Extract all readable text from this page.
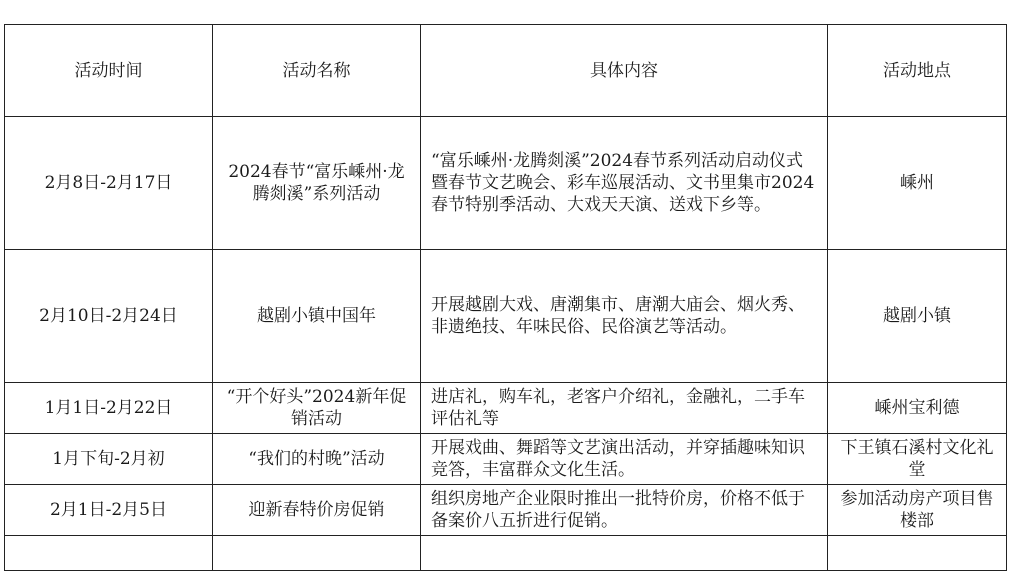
活动时间	活动名称	具体内容	活动地点
2月8日-2月17日	2024春节“富乐嵊州·龙腾剡溪”系列活动	“富乐嵊州·龙腾剡溪”2024春节系列活动启动仪式暨春节文艺晚会、彩车巡展活动、文书里集市2024春节特别季活动、大戏天天演、送戏下乡等。	嵊州
2月10日-2月24日	越剧小镇中国年	开展越剧大戏、唐潮集市、唐潮大庙会、烟火秀、非遗绝技、年味民俗、民俗演艺等活动。	越剧小镇
1月1日-2月22日	“开个好头”2024新年促销活动	进店礼，购车礼，老客户介绍礼，金融礼，二手车评估礼等	嵊州宝利德
1月下旬-2月初	“我们的村晚”活动	开展戏曲、舞蹈等文艺演出活动，并穿插趣味知识竞答，丰富群众文化生活。	下王镇石溪村文化礼堂
2月1日-2月5日	迎新春特价房促销	组织房地产企业限时推出一批特价房，价格不低于备案价八五折进行促销。	参加活动房产项目售楼部
